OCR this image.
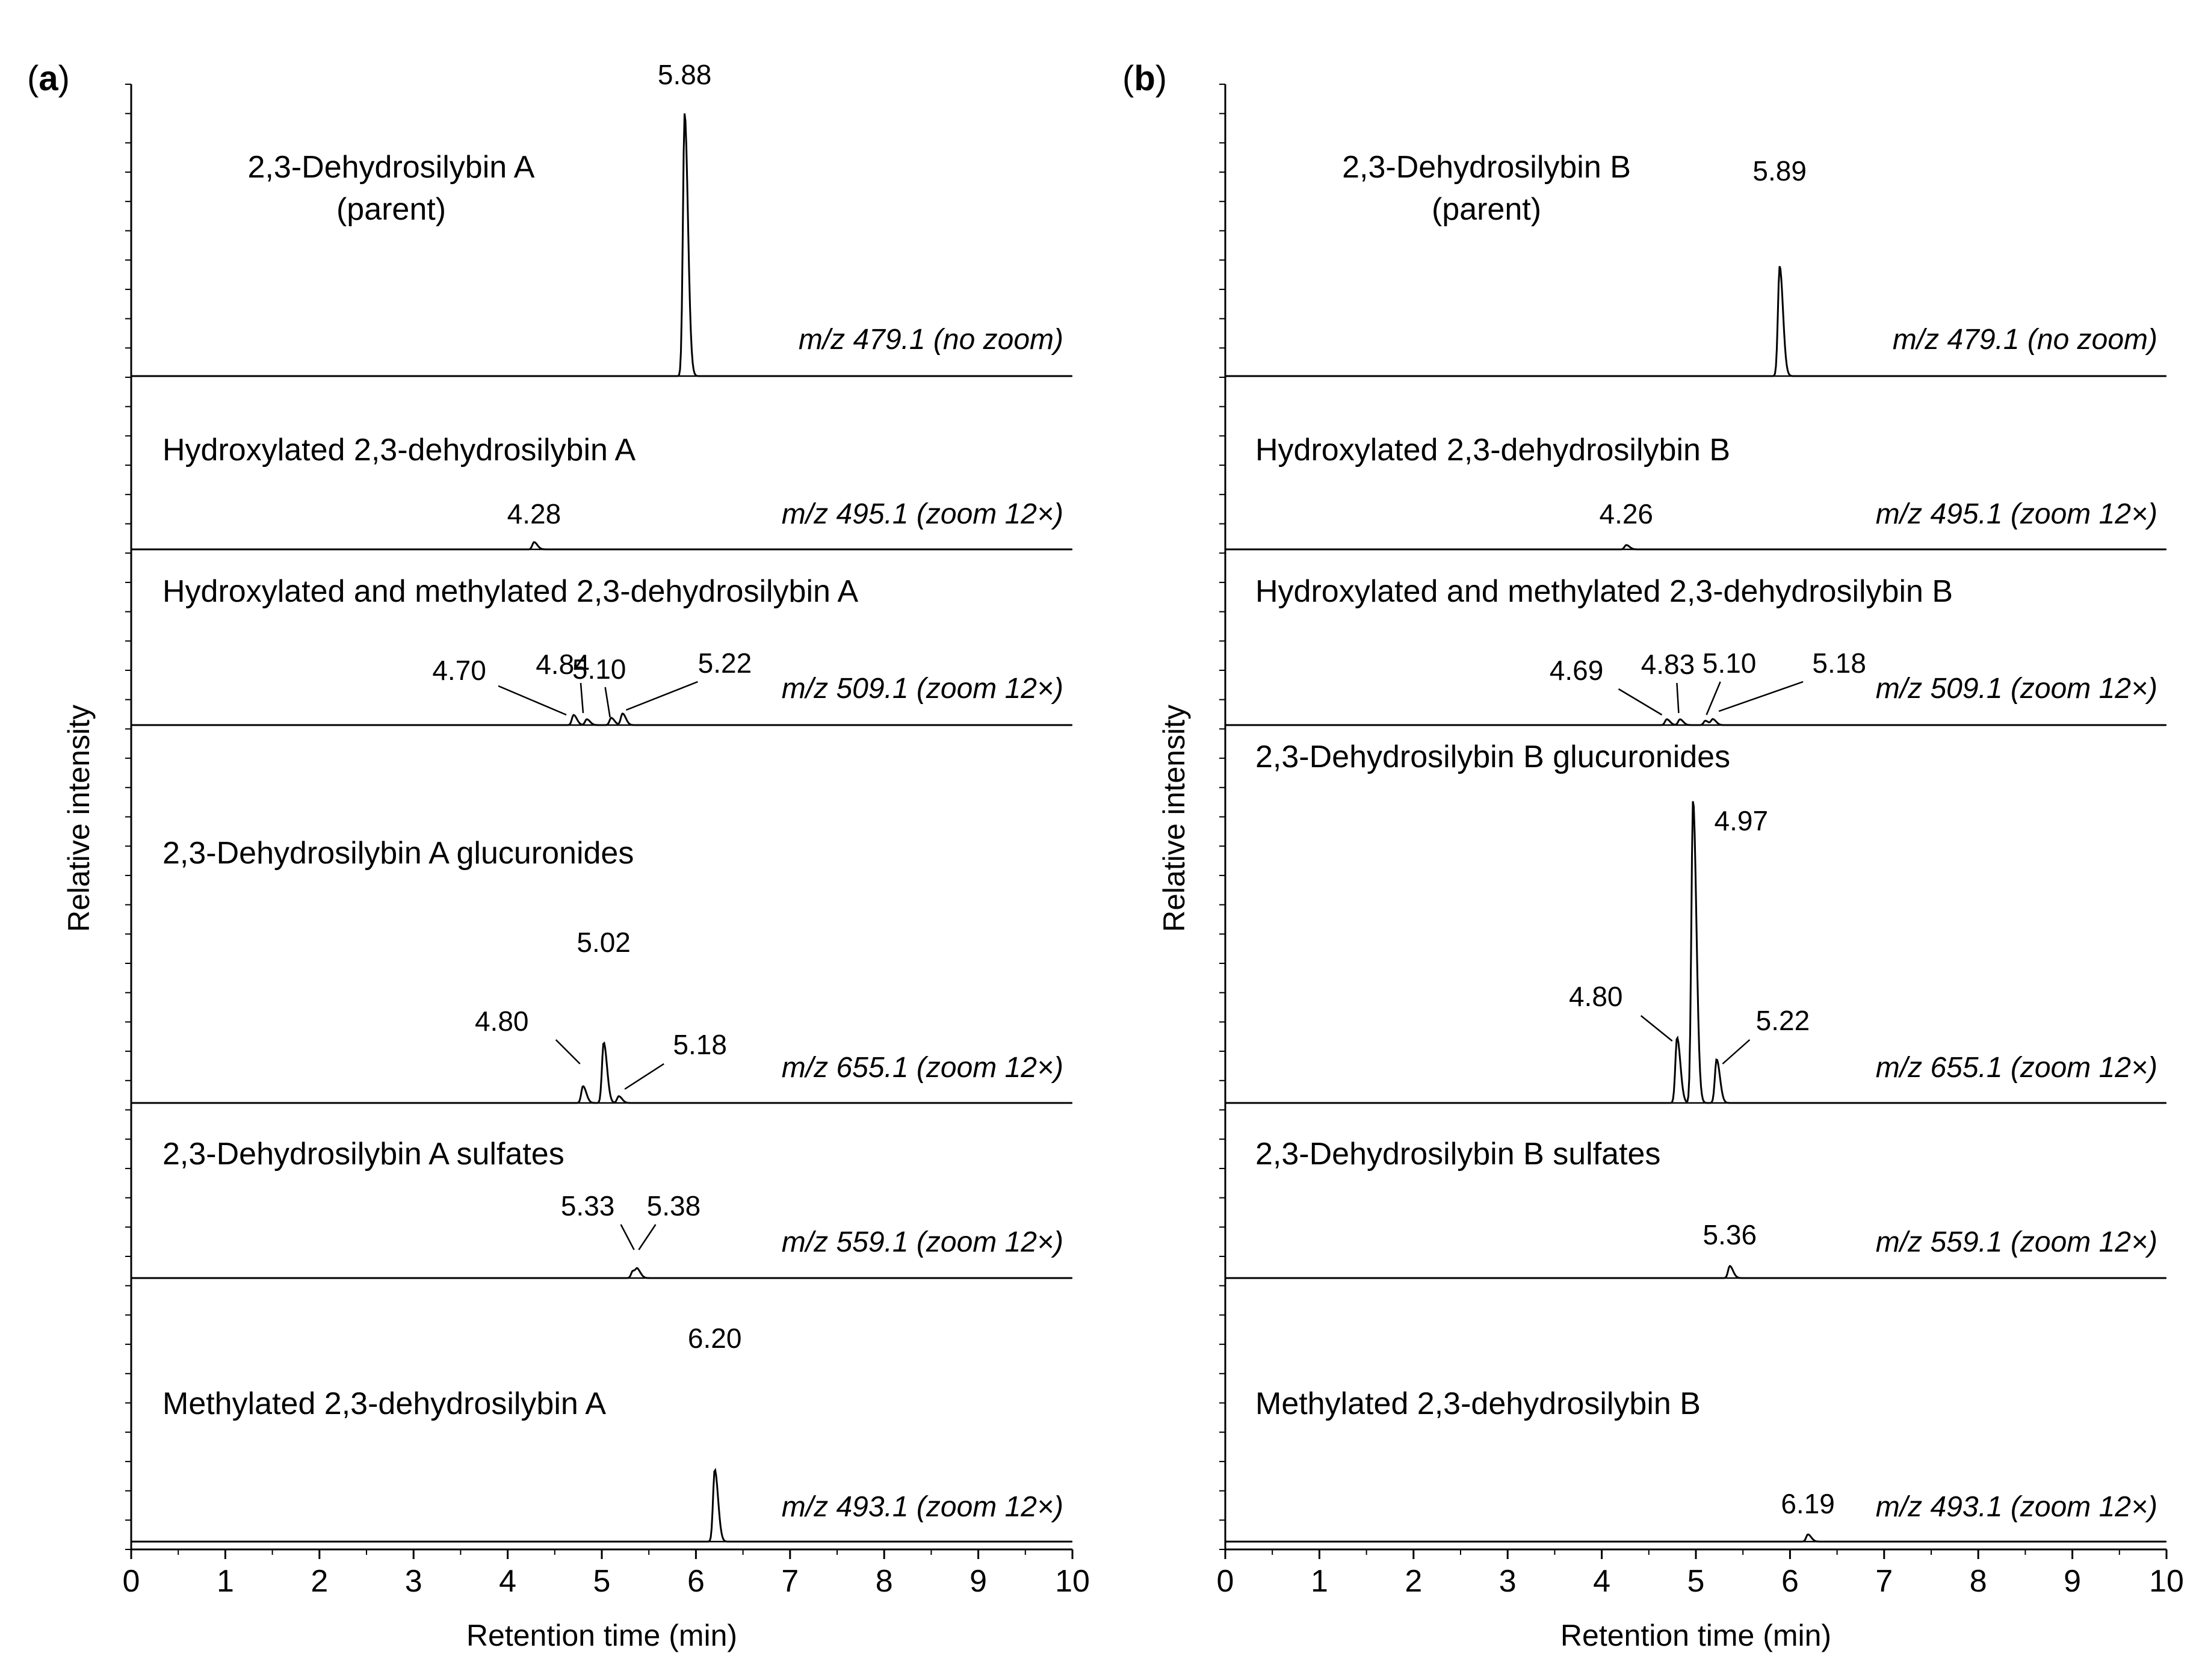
(a)
Relative intensity
0 1 2 3 4 5 6 7 8 9 10
Retention time (min)
2,3-Dehydrosilybin A
(parent)
m/z 479.1 (no zoom)
5.88
Hydroxylated 2,3-dehydrosilybin A
m/z 495.1 (zoom 12×)
4.28
Hydroxylated and methylated 2,3-dehydrosilybin A
m/z 509.1 (zoom 12×)
4.70 4.84
5.10	5.22
2,3-Dehydrosilybin A glucuronides
m/z 655.1 (zoom 12×)
4.80
5.02
5.18
2,3-Dehydrosilybin A sulfates
m/z 559.1 (zoom 12×)
5.33 5.38
Methylated 2,3-dehydrosilybin A
m/z 493.1 (zoom 12×)
6.20
(b)
Relative intensity
0 1 2 3 4 5 6 7 8 9 10
Retention time (min)
2,3-Dehydrosilybin B
(parent)
m/z 479.1 (no zoom)
5.89
Hydroxylated 2,3-dehydrosilybin B
m/z 495.1 (zoom 12×)
4.26
Hydroxylated and methylated 2,3-dehydrosilybin B
m/z 509.1 (zoom 12×)
4.69 4.83 5.10 5.18
2,3-Dehydrosilybin B glucuronides
m/z 655.1 (zoom 12×)
4.80
4.97
5.22
2,3-Dehydrosilybin B sulfates
m/z 559.1 (zoom 12×)
5.36
Methylated 2,3-dehydrosilybin B
m/z 493.1 (zoom 12×)
6.19
